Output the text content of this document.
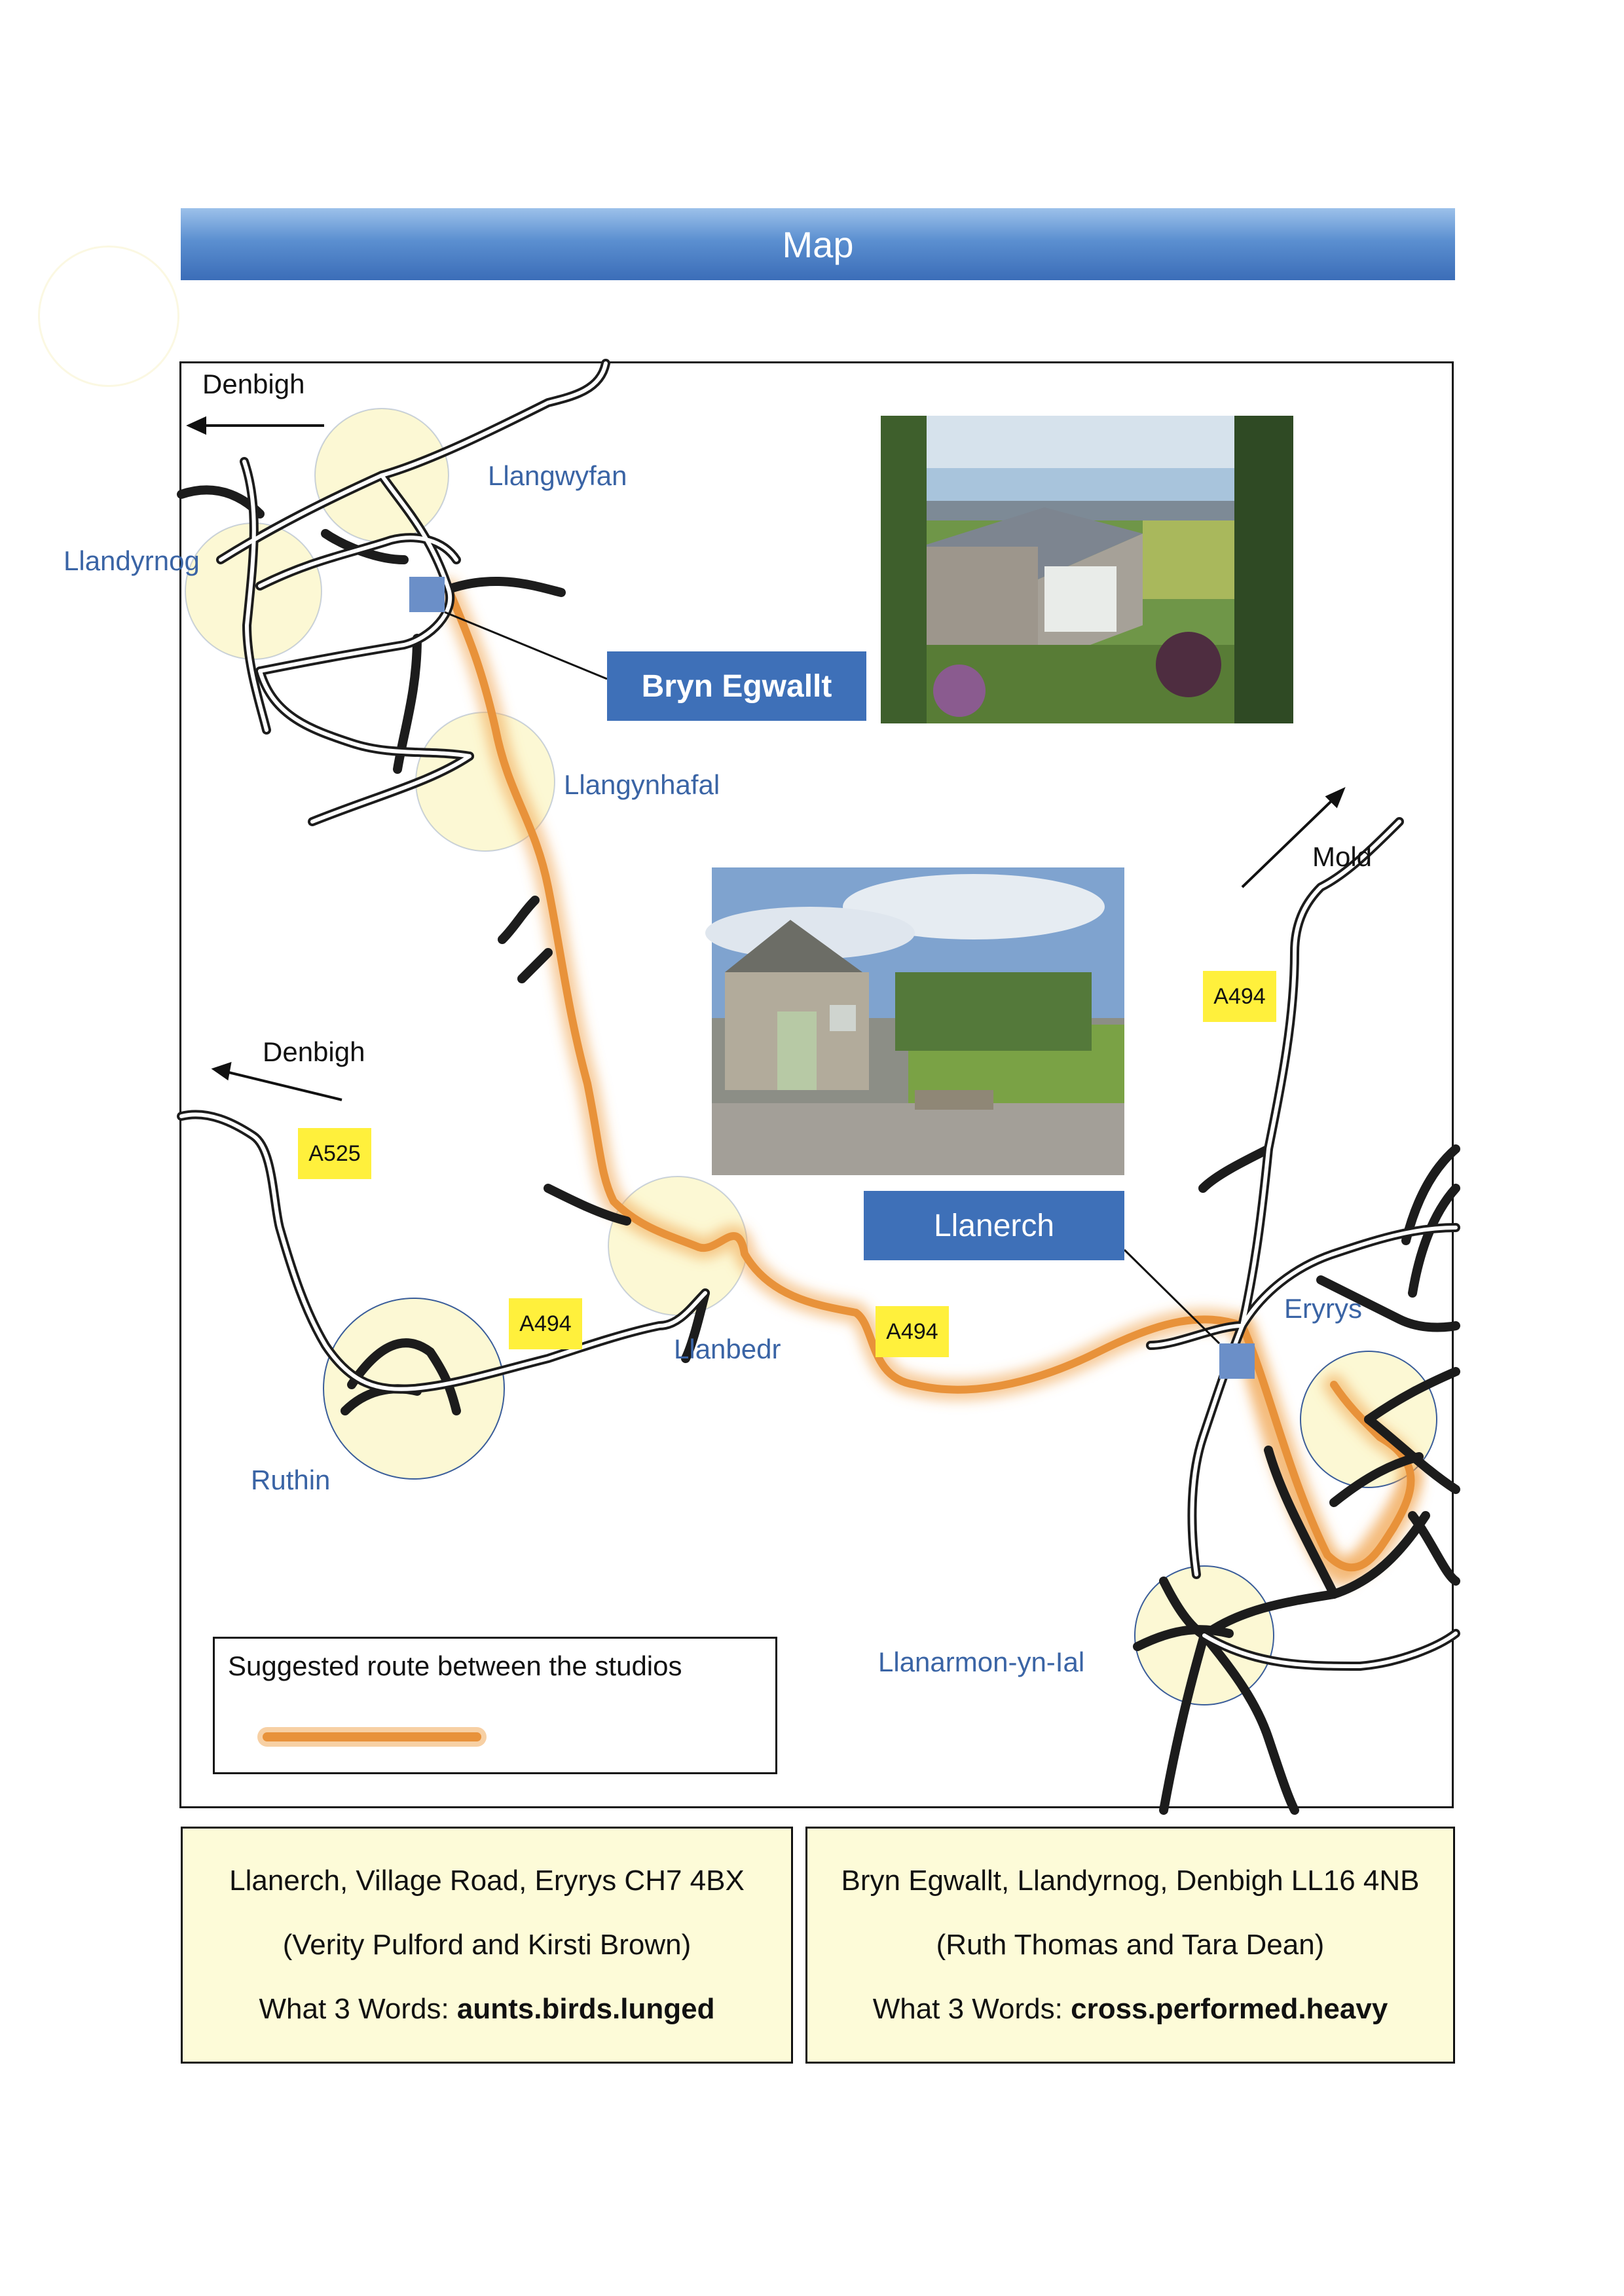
Map
Denbigh
Denbigh
Mold
Llangwyfan
Llandyrnog
Llangynhafal
Llanbedr
Ruthin
Eryrys
Llanarmon-yn-Ial
A525
A494	A494
A494
Bryn Egwallt
Llanerch
Suggested route between the studios
Llanerch, Village Road, Eryrys CH7 4BX
(Verity Pulford and Kirsti Brown)
What 3 Words: aunts.birds.lunged
Bryn Egwallt, Llandyrnog, Denbigh LL16 4NB
(Ruth Thomas and Tara Dean)
What 3 Words: cross.performed.heavy
